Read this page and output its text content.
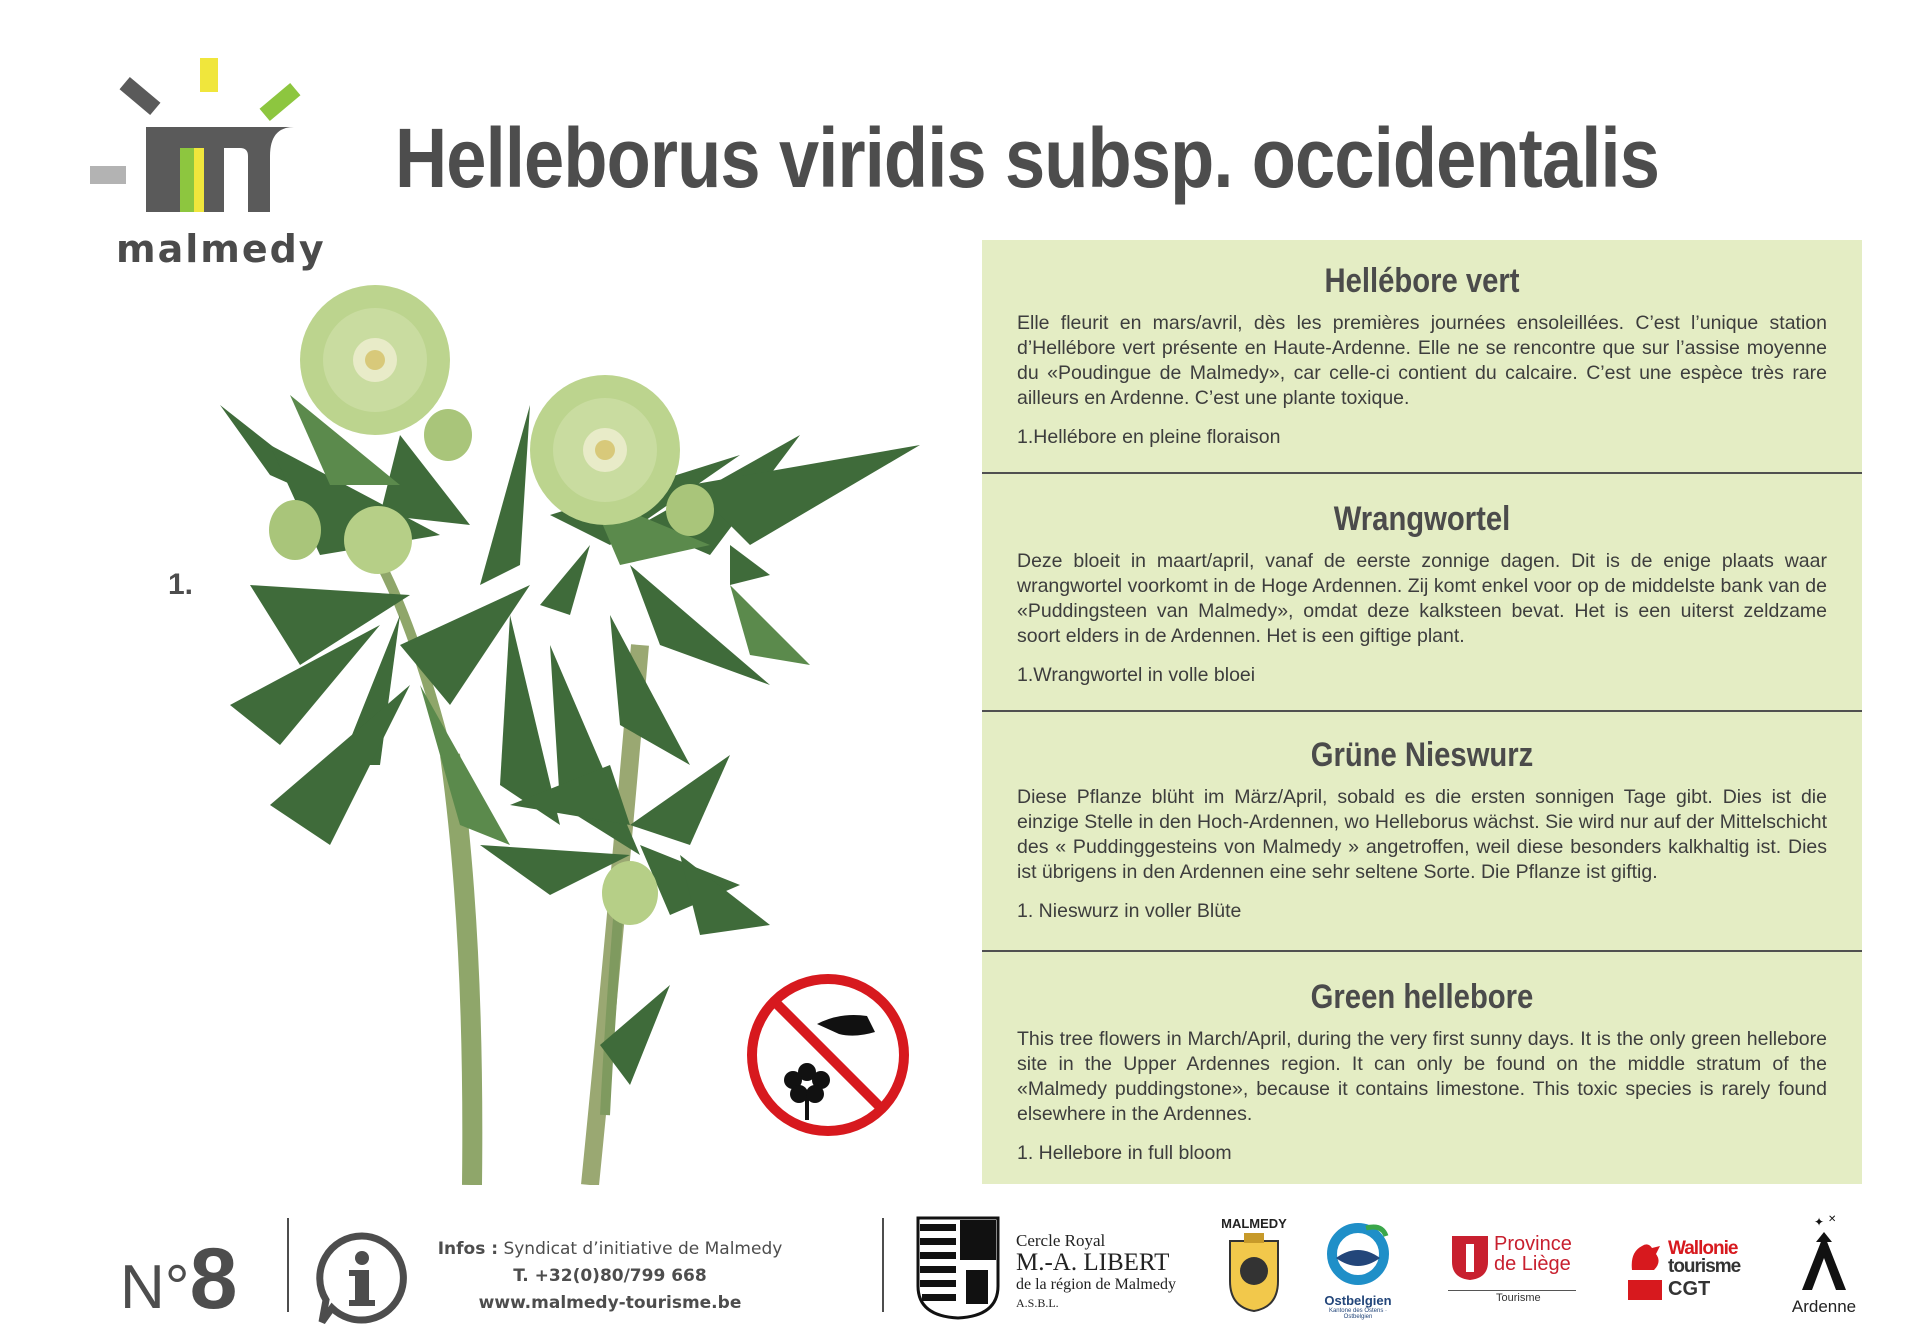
malmedy
Helleborus viridis subsp. occidentalis
1.
Hellébore vert

Elle fleurit en mars/avril, dès les premières journées ensoleillées. C’est l’unique station d’Hellébore vert présente en Haute-Ardenne. Elle ne se rencontre que sur l’assise moyenne du «Poudingue de Malmedy», car celle-ci contient du calcaire. C’est une espèce très rare ailleurs en Ardenne. C’est une plante toxique.

1.Hellébore en pleine floraison

Wrangwortel

Deze bloeit in maart/april, vanaf de eerste zonnige dagen. Dit is de enige plaats waar wrangwortel voorkomt in de Hoge Ardennen. Zij komt enkel voor op de middelste bank van de «Puddingsteen van Malmedy», omdat deze kalksteen bevat. Het is een uiterst zeldzame soort elders in de Ardennen. Het is een giftige plant.

1.Wrangwortel in volle bloei

Grüne Nieswurz

Diese Pflanze blüht im März/April, sobald es die ersten sonnigen Tage gibt. Dies ist die einzige Stelle in den Hoch-Ardennen, wo Helleborus wächst. Sie wird nur auf der Mittelschicht des « Puddinggesteins von Malmedy » angetroffen, weil diese besonders kalkhaltig ist. Dies ist übrigens in den Ardennen eine sehr seltene Sorte. Die Pflanze ist giftig.

1. Nieswurz in voller Blüte

Green hellebore

This tree flowers in March/April, during the very first sunny days. It is the only green hellebore site in the Upper Ardennes region. It can only be found on the middle stratum of the «Malmedy puddingstone», because it contains limestone. This toxic species is rarely found elsewhere in the Ardennes.

1. Hellebore in full bloom

N°8	Infos : Syndicat d’initiative de Malmedy
T. +32(0)80/799 668
www.malmedy-tourisme.be
Cercle Royal
M.-A. LIBERT
de la région de Malmedy
A.S.B.L.
MALMEDY
Ostbelgien
Kantone des Ostens · Ostbelgien
Province
de Liège
Tourisme
Wallonie
tourisme
CGT
✦ ✕
Ardenne
